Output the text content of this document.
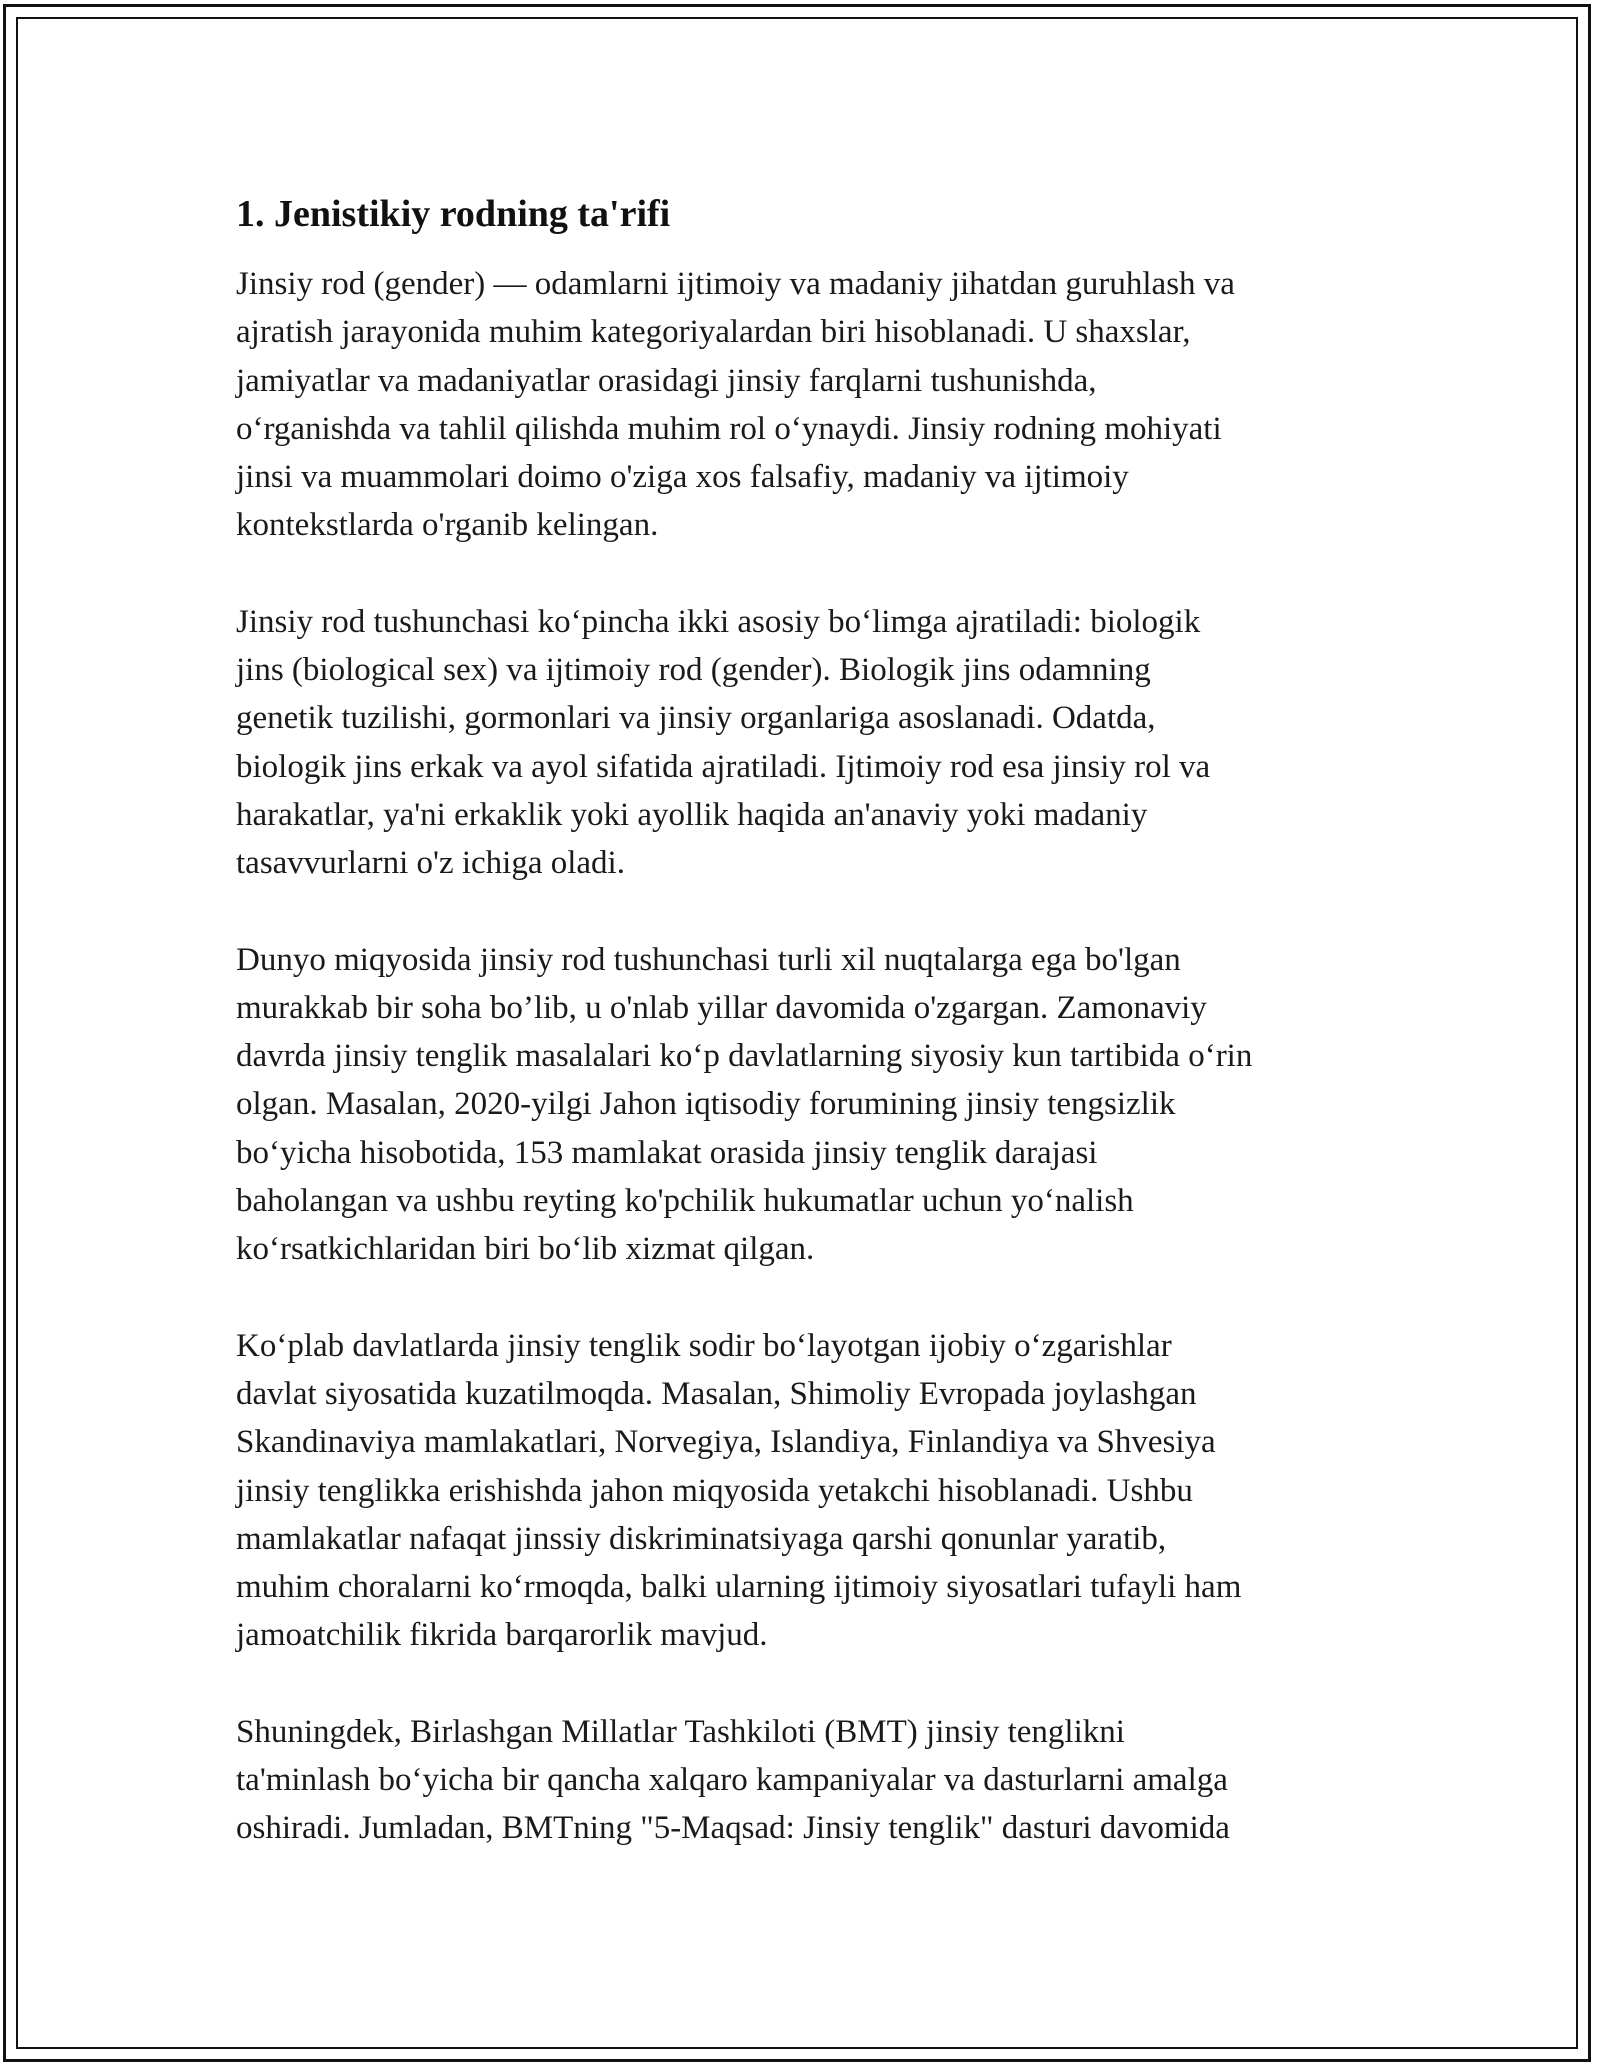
1. Jenistikiy rodning ta'rifi

Jinsiy rod (gender) — odamlarni ijtimoiy va madaniy jihatdan guruhlash va
ajratish jarayonida muhim kategoriyalardan biri hisoblanadi. U shaxslar,
jamiyatlar va madaniyatlar orasidagi jinsiy farqlarni tushunishda,
o‘rganishda va tahlil qilishda muhim rol o‘ynaydi. Jinsiy rodning mohiyati
jinsi va muammolari doimo o'ziga xos falsafiy, madaniy va ijtimoiy
kontekstlarda o'rganib kelingan.

Jinsiy rod tushunchasi ko‘pincha ikki asosiy bo‘limga ajratiladi: biologik
jins (biological sex) va ijtimoiy rod (gender). Biologik jins odamning
genetik tuzilishi, gormonlari va jinsiy organlariga asoslanadi. Odatda,
biologik jins erkak va ayol sifatida ajratiladi. Ijtimoiy rod esa jinsiy rol va
harakatlar, ya'ni erkaklik yoki ayollik haqida an'anaviy yoki madaniy
tasavvurlarni o'z ichiga oladi.

Dunyo miqyosida jinsiy rod tushunchasi turli xil nuqtalarga ega bo'lgan
murakkab bir soha bo’lib, u o'nlab yillar davomida o'zgargan. Zamonaviy
davrda jinsiy tenglik masalalari ko‘p davlatlarning siyosiy kun tartibida o‘rin
olgan. Masalan, 2020-yilgi Jahon iqtisodiy forumining jinsiy tengsizlik
bo‘yicha hisobotida, 153 mamlakat orasida jinsiy tenglik darajasi
baholangan va ushbu reyting ko'pchilik hukumatlar uchun yo‘nalish
ko‘rsatkichlaridan biri bo‘lib xizmat qilgan.

Ko‘plab davlatlarda jinsiy tenglik sodir bo‘layotgan ijobiy o‘zgarishlar
davlat siyosatida kuzatilmoqda. Masalan, Shimoliy Evropada joylashgan
Skandinaviya mamlakatlari, Norvegiya, Islandiya, Finlandiya va Shvesiya
jinsiy tenglikka erishishda jahon miqyosida yetakchi hisoblanadi. Ushbu
mamlakatlar nafaqat jinssiy diskriminatsiyaga qarshi qonunlar yaratib,
muhim choralarni ko‘rmoqda, balki ularning ijtimoiy siyosatlari tufayli ham
jamoatchilik fikrida barqarorlik mavjud.

Shuningdek, Birlashgan Millatlar Tashkiloti (BMT) jinsiy tenglikni
ta'minlash bo‘yicha bir qancha xalqaro kampaniyalar va dasturlarni amalga
oshiradi. Jumladan, BMTning "5-Maqsad: Jinsiy tenglik" dasturi davomida
